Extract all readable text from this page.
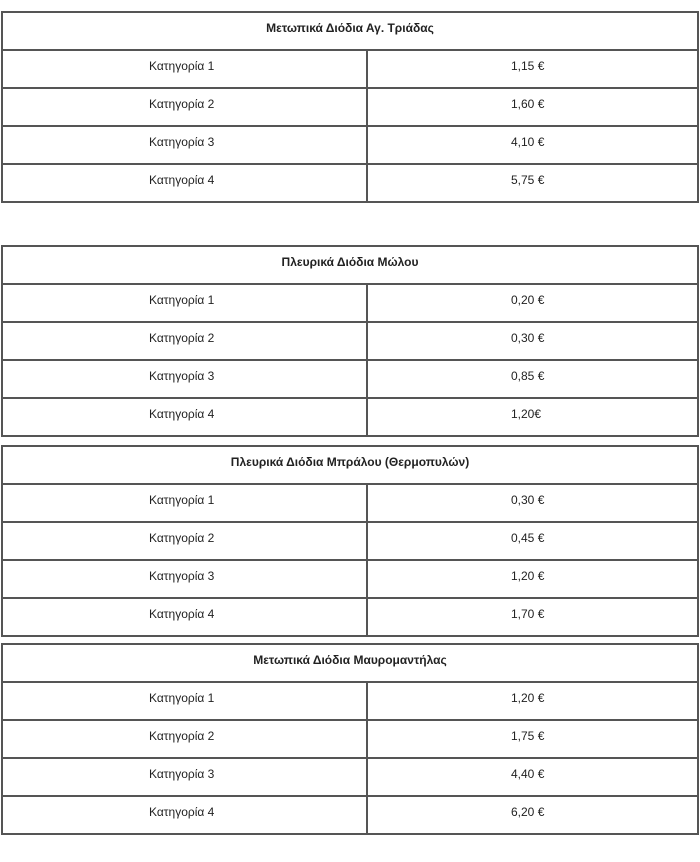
Μετωπικά Διόδια Αγ. Τριάδας	
Κατηγορία 1	1,15 €
Κατηγορία 2	1,60 €
Κατηγορία 3	4,10 €
Κατηγορία 4	5,75 €
Πλευρικά Διόδια Μώλου	
Κατηγορία 1	0,20 €
Κατηγορία 2	0,30 €
Κατηγορία 3	0,85 €
Κατηγορία 4	1,20€
Πλευρικά Διόδια Μπράλου (Θερμοπυλών)	
Κατηγορία 1	0,30 €
Κατηγορία 2	0,45 €
Κατηγορία 3	1,20 €
Κατηγορία 4	1,70 €
Μετωπικά Διόδια Μαυρομαντήλας	
Κατηγορία 1	1,20 €
Κατηγορία 2	1,75 €
Κατηγορία 3	4,40 €
Κατηγορία 4	6,20 €
